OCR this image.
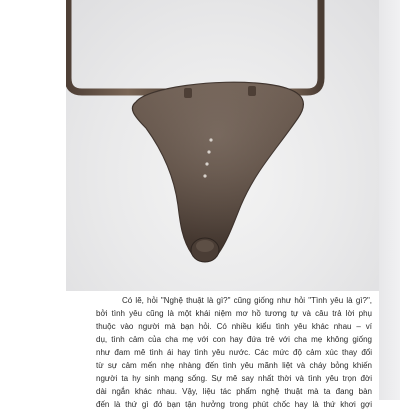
Có lẽ, hỏi "Nghệ thuật là gì?" cũng giống như hỏi "Tình yêu là gì?",
bởi tình yêu cũng là một khái niệm mơ hồ tương tự và câu trả lời phụ
thuộc vào người mà bạn hỏi. Có nhiều kiểu tình yêu khác nhau – ví
dụ, tình cảm của cha mẹ với con hay đứa trẻ với cha mẹ không giống
như đam mê tình ái hay tình yêu nước. Các mức độ cảm xúc thay đổi
từ sự cảm mến nhẹ nhàng đến tình yêu mãnh liệt và cháy bỏng khiến
người ta hy sinh mạng sống. Sự mê say nhất thời và tình yêu trọn đời
dài ngắn khác nhau. Vậy, liệu tác phẩm nghệ thuật mà ta đang bàn
đến là thứ gì đó bạn tận hưởng trong phút chốc hay là thứ khơi gợi
